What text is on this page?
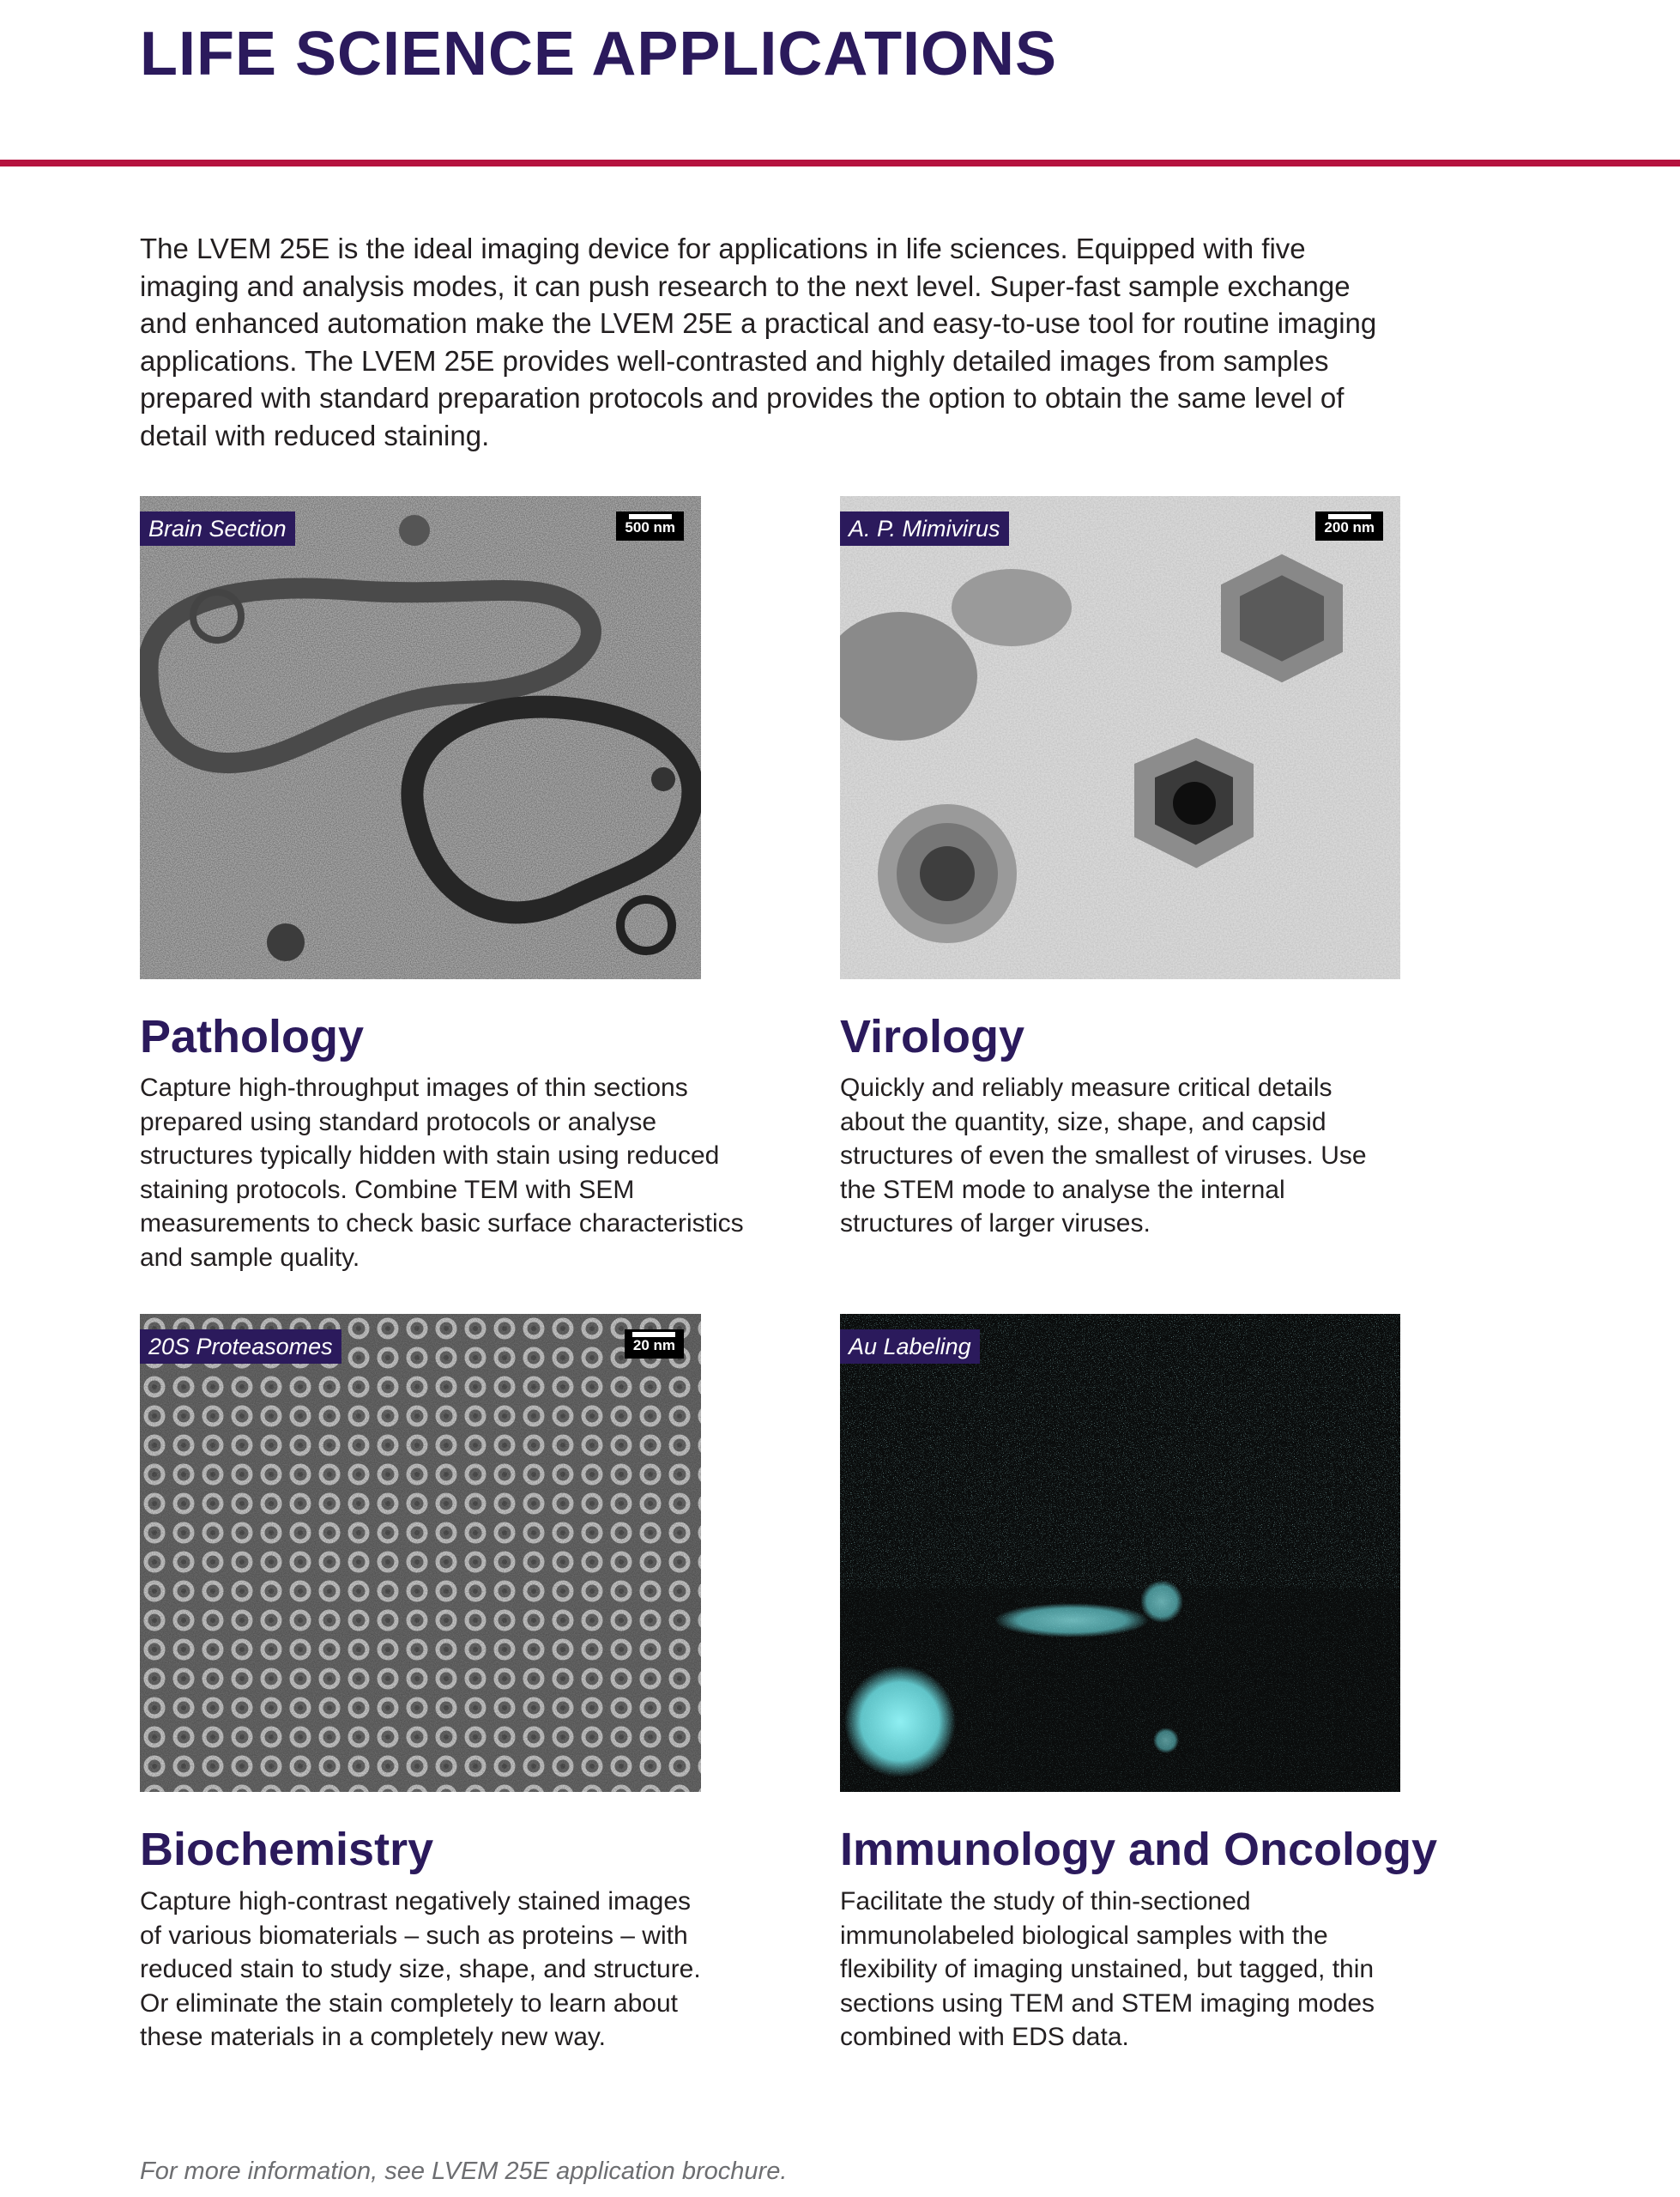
LIFE SCIENCE APPLICATIONS

The LVEM 25E is the ideal imaging device for applications in life sciences. Equipped with five imaging and analysis modes, it can push research to the next level. Super-fast sample exchange and enhanced automation make the LVEM 25E a practical and easy-to-use tool for routine imaging applications. The LVEM 25E provides well-contrasted and highly detailed images from samples prepared with standard preparation protocols and provides the option to obtain the same level of detail with reduced staining.

Brain Section	500 nm	A. P. Mimivirus	200 nm
20S Proteasomes	20 nm	Au Labeling
Pathology

Capture high-throughput images of thin sections prepared using standard protocols or analyse structures typically hidden with stain using reduced staining protocols. Combine TEM with SEM measurements to check basic surface characteristics and sample quality.

Virology

Quickly and reliably measure critical details about the quantity, size, shape, and capsid structures of even the smallest of viruses. Use the STEM mode to analyse the internal structures of larger viruses.

Biochemistry

Capture high-contrast negatively stained images of various biomaterials – such as proteins – with reduced stain to study size, shape, and structure. Or eliminate the stain completely to learn about these materials in a completely new way.

Immunology and Oncology

Facilitate the study of thin-sectioned immunolabeled biological samples with the flexibility of imaging unstained, but tagged, thin sections using TEM and STEM imaging modes combined with EDS data.

For more information, see LVEM 25E application brochure.
